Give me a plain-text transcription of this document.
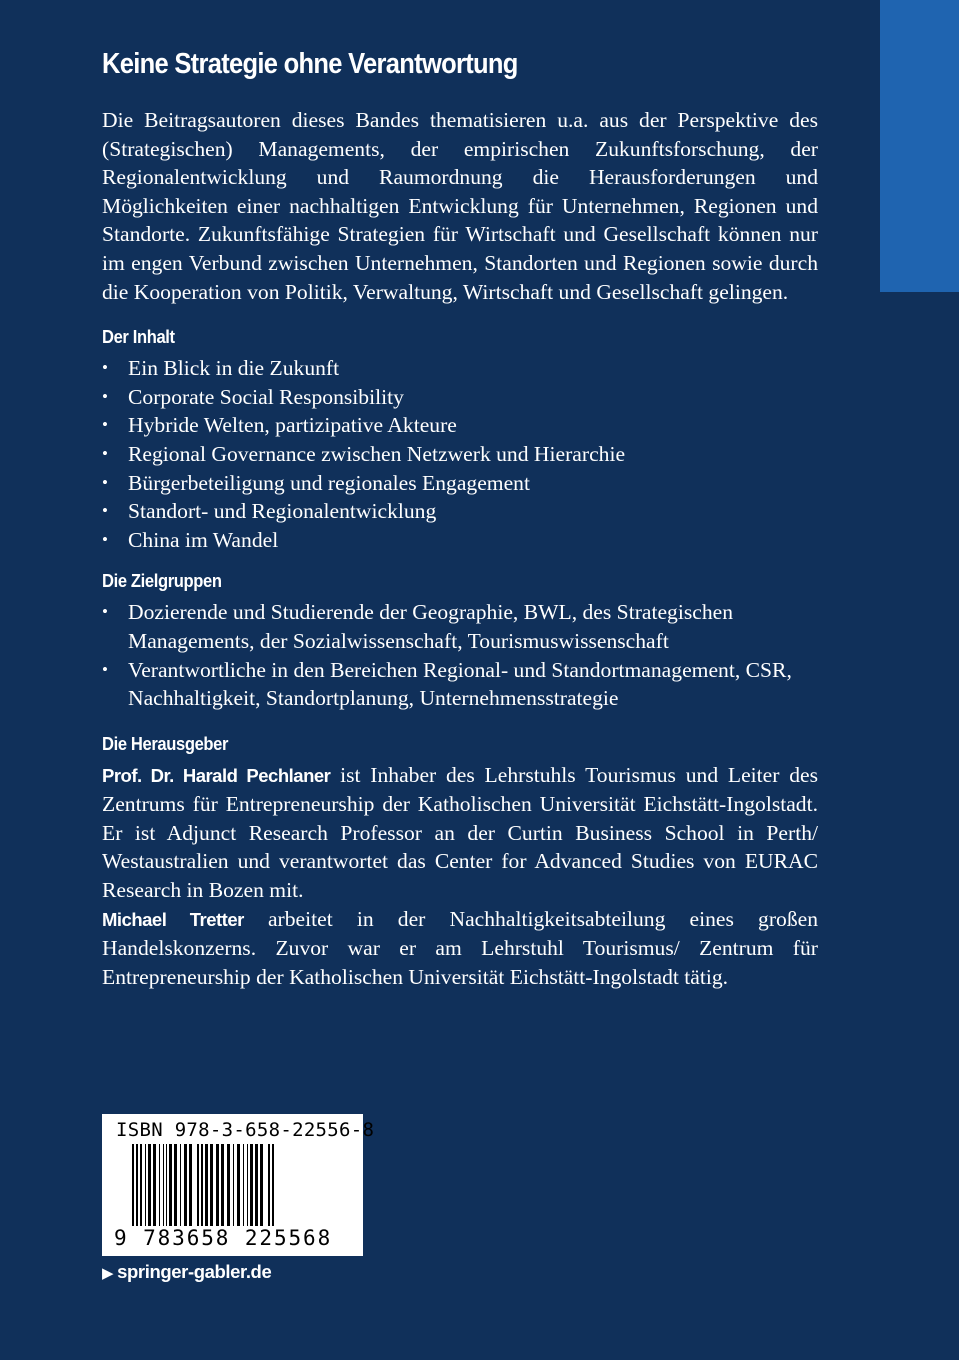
Keine Strategie ohne Verantwortung

Die Beitragsautoren dieses Bandes thematisieren u.a. aus der Perspektive des (Strategischen) Managements, der empirischen Zukunftsforschung, der Regionalentwicklung und Raumordnung die Herausforderungen und Möglichkeiten einer nachhaltigen Entwicklung für Unternehmen, Regionen und Standorte. Zukunftsfähige Strategien für Wirtschaft und Gesellschaft können nur im engen Verbund zwischen Unternehmen, Standorten und Regionen sowie durch die Kooperation von Politik, Verwaltung, Wirtschaft und Gesellschaft gelingen.

Der Inhalt
• Ein Blick in die Zukunft
• Corporate Social Responsibility
• Hybride Welten, partizipative Akteure
• Regional Governance zwischen Netzwerk und Hierarchie
• Bürgerbeteiligung und regionales Engagement
• Standort- und Regionalentwicklung
• China im Wandel
Die Zielgruppen
• Dozierende und Studierende der Geographie, BWL, des Strategischen Managements, der Sozialwissenschaft, Tourismuswissenschaft
• Verantwortliche in den Bereichen Regional- und Standortmanagement, CSR, Nachhaltigkeit, Standortplanung, Unternehmensstrategie
Die Herausgeber

Prof. Dr. Harald Pechlaner ist Inhaber des Lehrstuhls Tourismus und Leiter des Zentrums für Entrepreneurship der Katholischen Universität Eichstätt-Ingolstadt. Er ist Adjunct Research Professor an der Curtin Business School in Perth/ Westaustralien und verantwortet das Center for Advanced Studies von EURAC Research in Bozen mit.

Michael Tretter arbeitet in der Nachhaltigkeitsabteilung eines großen Handelskonzerns. Zuvor war er am Lehrstuhl Tourismus/ Zentrum für Entrepreneurship der Katholischen Universität Eichstätt-Ingolstadt tätig.

ISBN 978-3-658-22556-8
9 783658 225568
▶ springer-gabler.de
